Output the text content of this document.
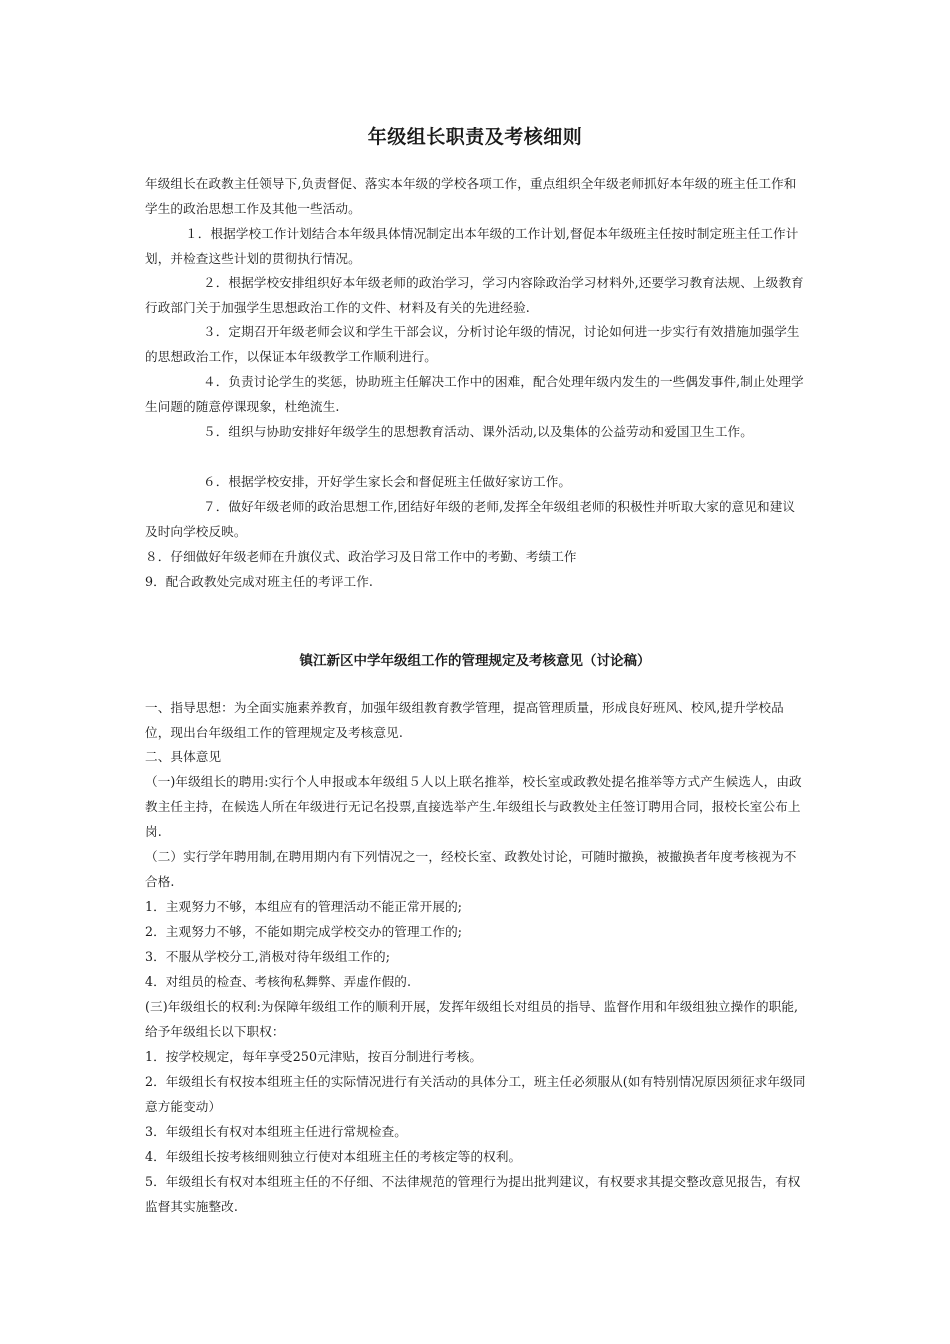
年级组长职责及考核细则

年级组长在政教主任领导下,负责督促、落实本年级的学校各项工作，重点组织全年级老师抓好本年级的班主任工作和学生的政治思想工作及其他一些活动。

１．根据学校工作计划结合本年级具体情况制定出本年级的工作计划,督促本年级班主任按时制定班主任工作计划，并检查这些计划的贯彻执行情况。

２．根据学校安排组织好本年级老师的政治学习，学习内容除政治学习材料外,还要学习教育法规、上级教育行政部门关于加强学生思想政治工作的文件、材料及有关的先进经验.

３．定期召开年级老师会议和学生干部会议，分析讨论年级的情况，讨论如何进一步实行有效措施加强学生的思想政治工作，以保证本年级教学工作顺利进行。

４．负责讨论学生的奖惩，协助班主任解决工作中的困难，配合处理年级内发生的一些偶发事件,制止处理学生问题的随意停课现象，杜绝流生.

５．组织与协助安排好年级学生的思想教育活动、课外活动,以及集体的公益劳动和爱国卫生工作。

６．根据学校安排，开好学生家长会和督促班主任做好家访工作。

７．做好年级老师的政治思想工作,团结好年级的老师,发挥全年级组老师的积极性并听取大家的意见和建议及时向学校反映。

８．仔细做好年级老师在升旗仪式、政治学习及日常工作中的考勤、考绩工作

9．配合政教处完成对班主任的考评工作.

镇江新区中学年级组工作的管理规定及考核意见（讨论稿）

一、指导思想：为全面实施素养教育，加强年级组教育教学管理，提高管理质量，形成良好班风、校风,提升学校品位，现出台年级组工作的管理规定及考核意见.

二、具体意见

（一)年级组长的聘用:实行个人申报或本年级组５人以上联名推举，校长室或政教处提名推举等方式产生候选人，由政教主任主持，在候选人所在年级进行无记名投票,直接选举产生.年级组长与政教处主任签订聘用合同，报校长室公布上岗.

（二）实行学年聘用制,在聘用期内有下列情况之一，经校长室、政教处讨论，可随时撤换，被撤换者年度考核视为不合格.

1．主观努力不够，本组应有的管理活动不能正常开展的;

2．主观努力不够，不能如期完成学校交办的管理工作的;

3．不服从学校分工,消极对待年级组工作的;

4．对组员的检查、考核徇私舞弊、弄虚作假的.

(三)年级组长的权利:为保障年级组工作的顺利开展，发挥年级组长对组员的指导、监督作用和年级组独立操作的职能,给予年级组长以下职权：

1．按学校规定，每年享受250元津贴，按百分制进行考核。

2．年级组长有权按本组班主任的实际情况进行有关活动的具体分工，班主任必须服从(如有特别情况原因须征求年级同意方能变动）

3．年级组长有权对本组班主任进行常规检查。

4．年级组长按考核细则独立行使对本组班主任的考核定等的权利。

5．年级组长有权对本组班主任的不仔细、不法律规范的管理行为提出批判建议，有权要求其提交整改意见报告，有权监督其实施整改.
